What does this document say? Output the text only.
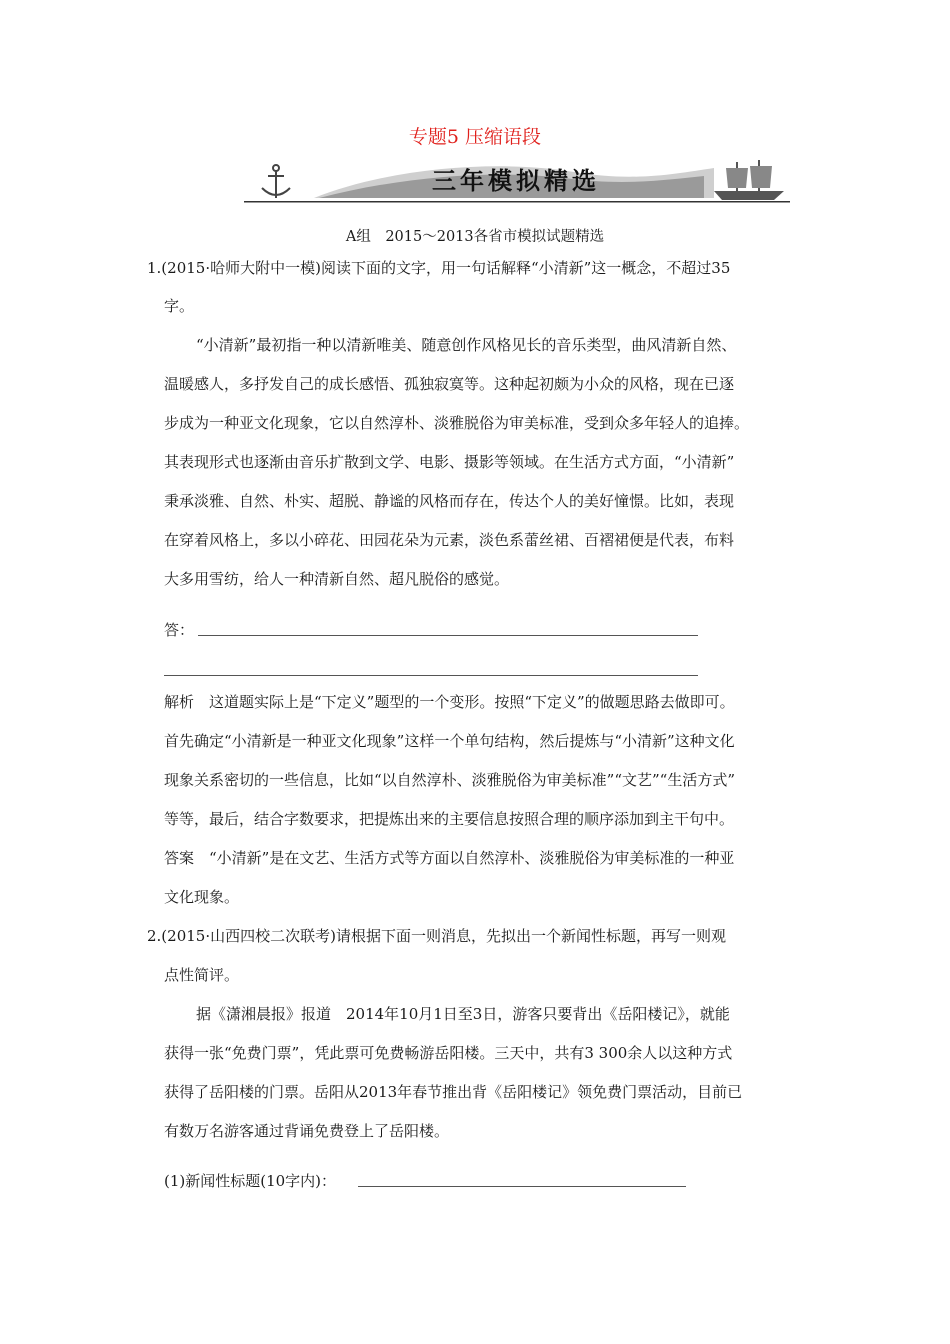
专题5 压缩语段
三年模拟精选
A组　2015～2013各省市模拟试题精选
1.(2015·哈师大附中一模)阅读下面的文字，用一句话解释“小清新”这一概念，不超过35
字。
“小清新”最初指一种以清新唯美、随意创作风格见长的音乐类型，曲风清新自然、
温暖感人，多抒发自己的成长感悟、孤独寂寞等。这种起初颇为小众的风格，现在已逐
步成为一种亚文化现象，它以自然淳朴、淡雅脱俗为审美标准，受到众多年轻人的追捧。
其表现形式也逐渐由音乐扩散到文学、电影、摄影等领域。在生活方式方面，“小清新”
秉承淡雅、自然、朴实、超脱、静谧的风格而存在，传达个人的美好憧憬。比如，表现
在穿着风格上，多以小碎花、田园花朵为元素，淡色系蕾丝裙、百褶裙便是代表，布料
大多用雪纺，给人一种清新自然、超凡脱俗的感觉。
答：
解析　这道题实际上是“下定义”题型的一个变形。按照“下定义”的做题思路去做即可。
首先确定“小清新是一种亚文化现象”这样一个单句结构，然后提炼与“小清新”这种文化
现象关系密切的一些信息，比如“以自然淳朴、淡雅脱俗为审美标准”“文艺”“生活方式”
等等，最后，结合字数要求，把提炼出来的主要信息按照合理的顺序添加到主干句中。
答案　“小清新”是在文艺、生活方式等方面以自然淳朴、淡雅脱俗为审美标准的一种亚
文化现象。
2.(2015·山西四校二次联考)请根据下面一则消息，先拟出一个新闻性标题，再写一则观
点性简评。
据《潇湘晨报》报道　2014年10月1日至3日，游客只要背出《岳阳楼记》，就能
获得一张“免费门票”，凭此票可免费畅游岳阳楼。三天中，共有3 300余人以这种方式
获得了岳阳楼的门票。岳阳从2013年春节推出背《岳阳楼记》领免费门票活动，目前已
有数万名游客通过背诵免费登上了岳阳楼。
(1)新闻性标题(10字内)：
